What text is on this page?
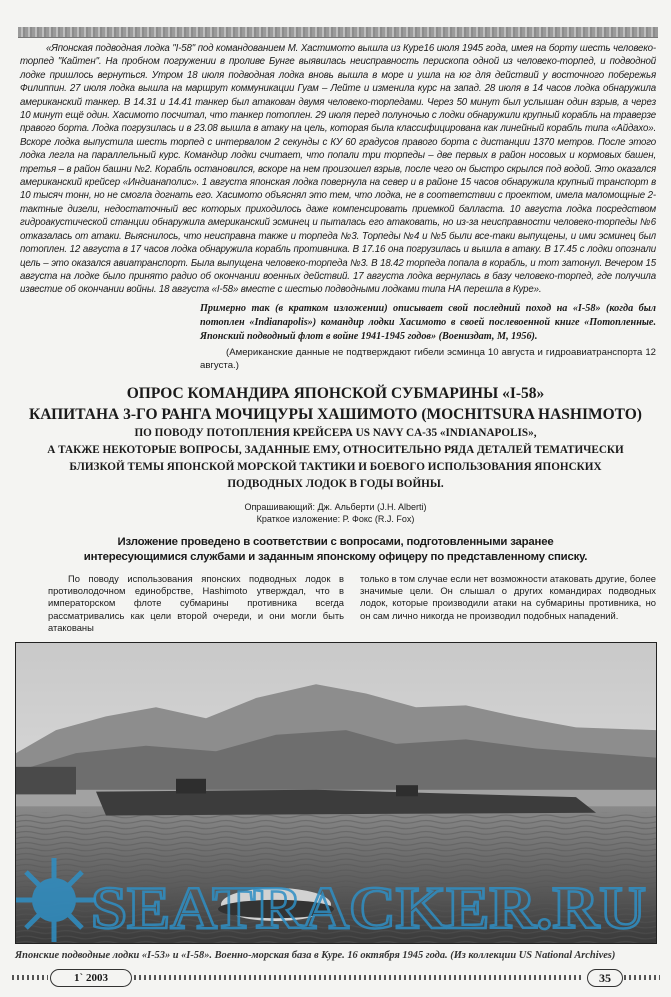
«Японская подводная лодка "I-58" под командованием М. Хастимото вышла из Куре16 июля 1945 года, имея на борту шесть человеко-торпед "Кайтен". На пробном погружении в проливе Бунге выявилась неисправность перископа одной из человеко-торпед, и подводной лодке пришлось вернуться. Утром 18 июля подводная лодка вновь вышла в море и ушла на юг для действий у восточного побережья Филиппин. 27 июля лодка вышла на маршрут коммуникации Гуам – Лейте и изменила курс на запад. 28 июля в 14 часов лодка обнаружила американский танкер. В 14.31 и 14.41 танкер был атакован двумя человеко-торпедами. Через 50 минут был услышан один взрыв, а через 10 минут ещё один. Хасимото посчитал, что танкер потоплен. 29 июля перед полуночью с лодки обнаружили крупный корабль на траверзе правого борта. Лодка погрузилась и в 23.08 вышла в атаку на цель, которая была классифицирована как линейный корабль типа «Айдахо». Вскоре лодка выпустила шесть торпед с интервалом 2 секунды с КУ 60 градусов правого борта с дистанции 1370 метров. После этого лодка легла на параллельный курс. Командир лодки считает, что попали три торпеды – две первых в район носовых и кормовых башен, третья – в район башни №2. Корабль остановился, вскоре на нем произошел взрыв, после чего он быстро скрылся под водой. Это оказался американский крейсер «Индианаполис». 1 августа японская лодка повернула на север и в районе 15 часов обнаружила крупный транспорт в 10 тысяч тонн, но не смогла догнать его. Хасимото объяснял это тем, что лодка, не в соответствии с проектом, имела маломощные 2-тактные дизели, недостаточный вес которых приходилось даже компенсировать приемкой балласта. 10 августа лодка посредством гидроакустической станции обнаружила американский эсминец и пыталась его атаковать, но из-за неисправности человеко-торпеды №6 отказалась от атаки. Выяснилось, что неисправна также и торпеда №3. Торпеды №4 и №5 были все-таки выпущены, и ими эсминец был потоплен. 12 августа в 17 часов лодка обнаружила корабль противника. В 17.16 она погрузилась и вышла в атаку. В 17.45 с лодки опознали цель – это оказался авиатранспорт. Была выпущена человеко-торпеда №3. В 18.42 торпеда попала в корабль, и тот затонул. Вечером 15 августа на лодке было принято радио об окончании военных действий. 17 августа лодка вернулась в базу человеко-торпед, где получила известие об окончании войны. 18 августа «I-58» вместе с шестью подводными лодками типа НА перешла в Куре».

Примерно так (в кратком изложении) описывает свой последний поход на «I-58» (когда был потоплен «Indianapolis») командир лодки Хасимото в своей послевоенной книге «Потопленные. Японский подводный флот в войне 1941-1945 годов» (Воениздат, М, 1956).

(Американские данные не подтверждают гибели эсминца 10 августа и гидроавиатранспорта 12 августа.)

ОПРОС КОМАНДИРА ЯПОНСКОЙ СУБМАРИНЫ «I-58»
КАПИТАНА 3-ГО РАНГА МОЧИЦУРЫ ХАШИМОТО (MOCHITSURA HASHIMOTO)
ПО ПОВОДУ ПОТОПЛЕНИЯ КРЕЙСЕРА US NAVY CA-35 «INDIANAPOLIS»,
А ТАКЖЕ НЕКОТОРЫЕ ВОПРОСЫ, ЗАДАННЫЕ ЕМУ, ОТНОСИТЕЛЬНО РЯДА ДЕТАЛЕЙ ТЕМАТИЧЕСКИ
БЛИЗКОЙ ТЕМЫ ЯПОНСКОЙ МОРСКОЙ ТАКТИКИ И БОЕВОГО ИСПОЛЬЗОВАНИЯ ЯПОНСКИХ
ПОДВОДНЫХ ЛОДОК В ГОДЫ ВОЙНЫ.
Опрашивающий: Дж. Альберти (J.H. Alberti)
Краткое изложение: Р. Фокс (R.J. Fox)
Изложение проведено в соответствии с вопросами, подготовленными заранее
интересующимися службами и заданным японскому офицеру по представленному списку.

По поводу использования японских подводных лодок в противолодочном единобрстве, Hashimoto утверждал, что в императорском флоте субмарины противника всегда рассматривались как цели второй очереди, и они могли быть атакованы

только в том случае если нет возможности атаковать другие, более значимые цели. Он слышал о других командирах подводных лодок, которые производили атаки на субмарины противника, но он сам лично никогда не производил подобных нападений.

SEATRACKER.RU
Японские подводные лодки «I-53» и «I-58». Военно-морская база в Куре. 16 октября 1945 года. (Из коллекции US National Archives)
1` 2003	35
